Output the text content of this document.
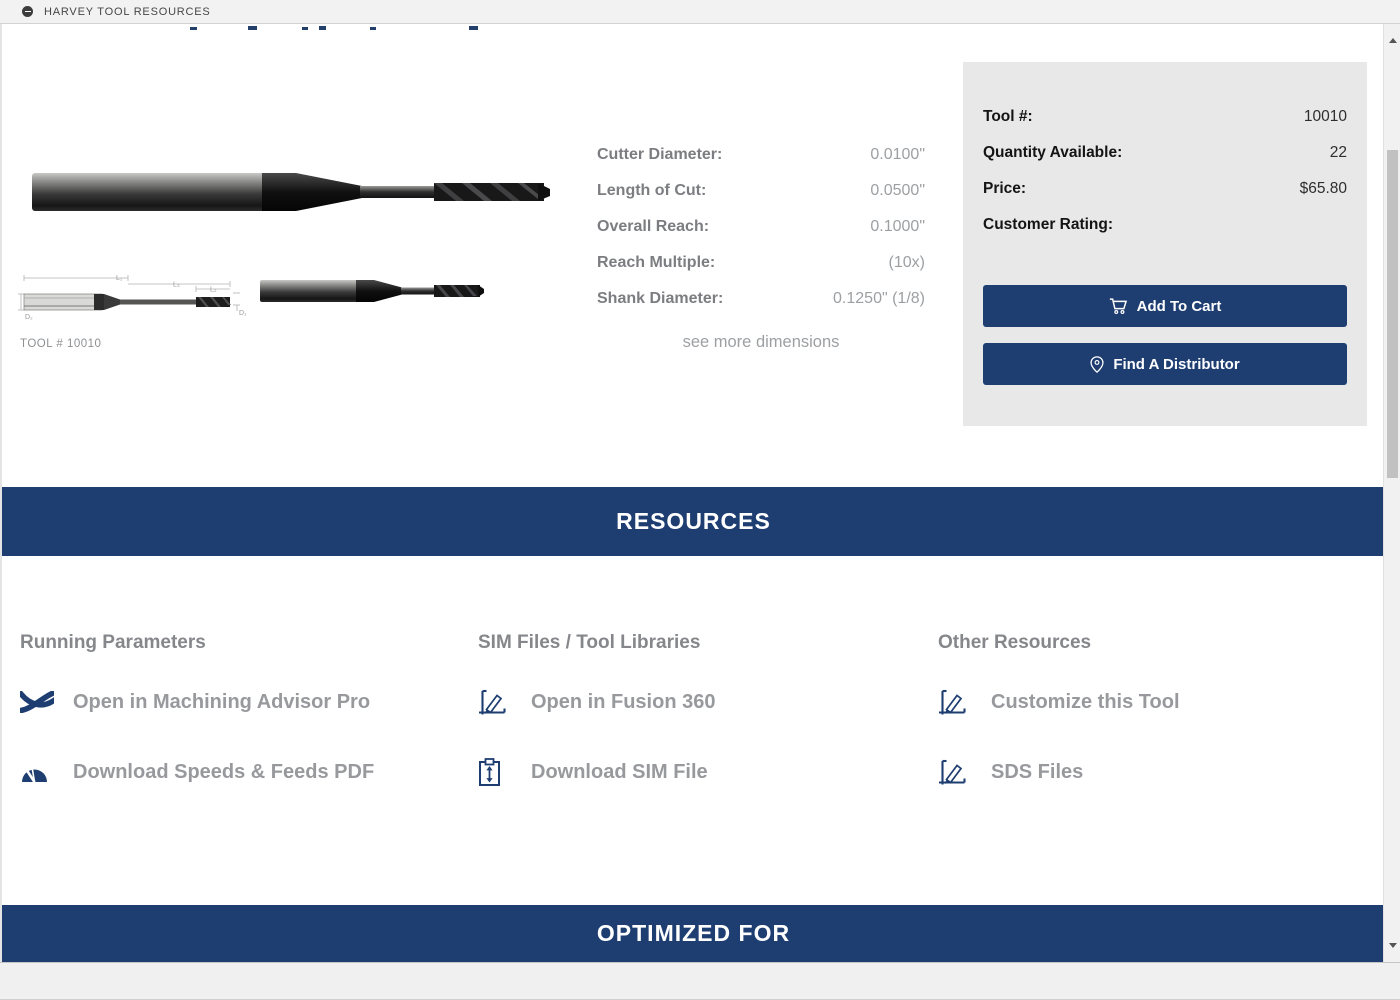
HARVEY TOOL RESOURCES
L₁
L₃
L₂
D₂
D₁
TOOL # 10010
Cutter Diameter:	0.0100"
Length of Cut:	0.0500"
Overall Reach:	0.1000"
Reach Multiple:	(10x)
Shank Diameter:	0.1250" (1/8)
see more dimensions
Tool #:	10010
Quantity Available:	22
Price:	$65.80
Customer Rating:
Add To Cart
Find A Distributor
RESOURCES
Running Parameters
Open in Machining Advisor Pro
Download Speeds & Feeds PDF
SIM Files / Tool Libraries
Open in Fusion 360
Download SIM File
Other Resources
Customize this Tool
SDS Files
OPTIMIZED FOR
